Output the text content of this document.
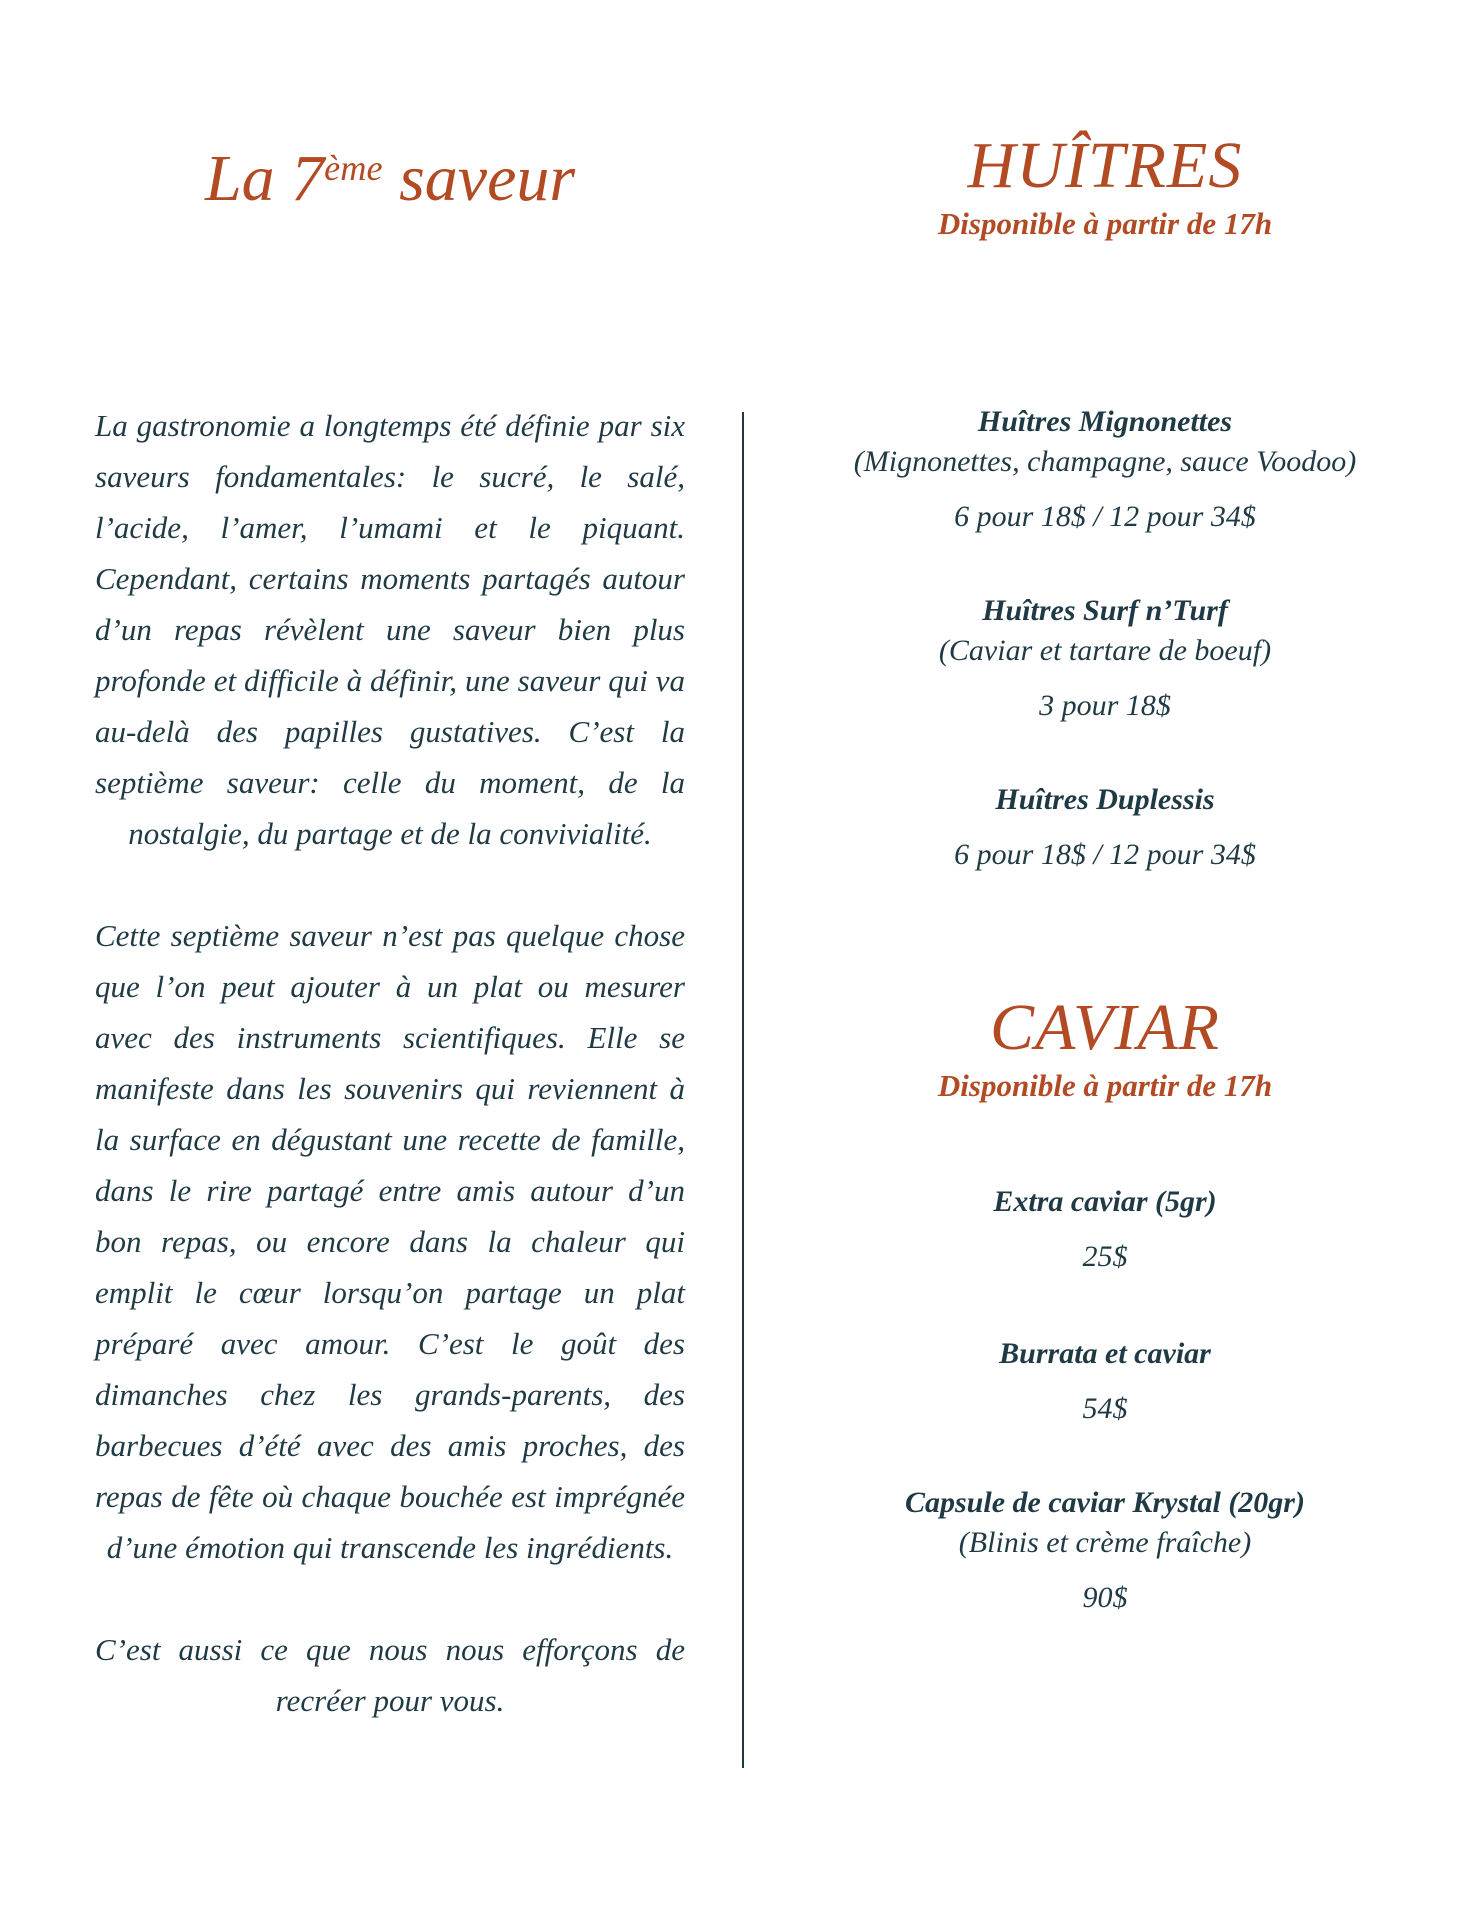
La 7ème saveur

La gastronomie a longtemps été définie par six saveurs fondamentales: le sucré, le salé, l’acide, l’amer, l’umami et le piquant. Cependant, certains moments partagés autour d’un repas révèlent une saveur bien plus profonde et difficile à définir, une saveur qui va au-delà des papilles gustatives. C’est la septième saveur: celle du moment, de la nostalgie, du partage et de la convivialité.

Cette septième saveur n’est pas quelque chose que l’on peut ajouter à un plat ou mesurer avec des instruments scientifiques. Elle se manifeste dans les souvenirs qui reviennent à la surface en dégustant une recette de famille, dans le rire partagé entre amis autour d’un bon repas, ou encore dans la chaleur qui emplit le cœur lorsqu’on partage un plat préparé avec amour. C’est le goût des dimanches chez les grands-parents, des barbecues d’été avec des amis proches, des repas de fête où chaque bouchée est imprégnée d’une émotion qui transcende les ingrédients.

C’est aussi ce que nous nous efforçons de recréer pour vous.

HUÎTRES
Disponible à partir de 17h
Huîtres Mignonettes
(Mignonettes, champagne, sauce Voodoo)
6 pour 18$ / 12 pour 34$
Huîtres Surf n’Turf
(Caviar et tartare de boeuf)
3 pour 18$
Huîtres Duplessis
6 pour 18$ / 12 pour 34$
CAVIAR
Disponible à partir de 17h
Extra caviar (5gr)
25$
Burrata et caviar
54$
Capsule de caviar Krystal (20gr)
(Blinis et crème fraîche)
90$
